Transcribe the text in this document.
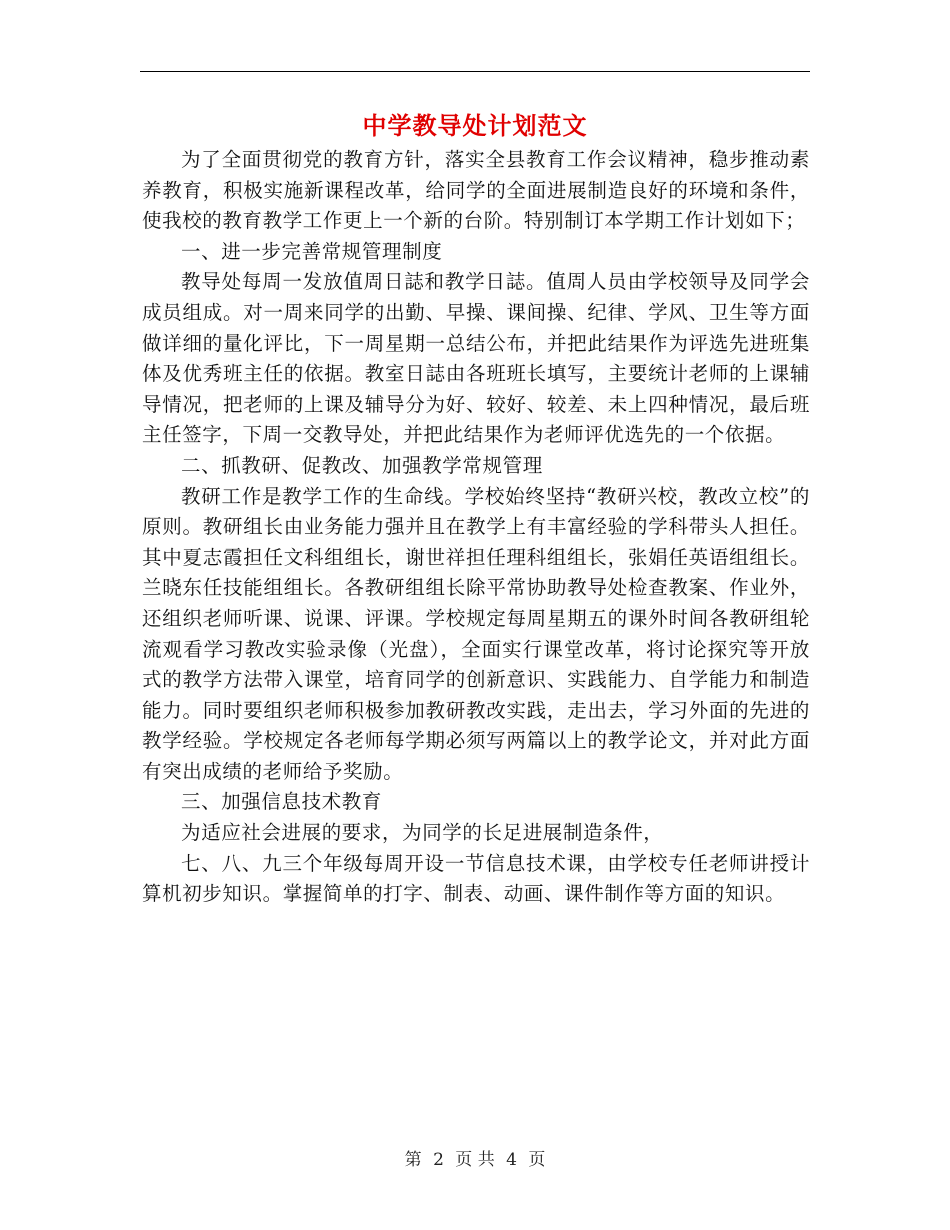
中学教导处计划范文

为了全面贯彻党的教育方针，落实全县教育工作会议精神，稳步推动素养教育，积极实施新课程改革，给同学的全面进展制造良好的环境和条件，使我校的教育教学工作更上一个新的台阶。特别制订本学期工作计划如下；

一、进一步完善常规管理制度

教导处每周一发放值周日誌和教学日誌。值周人员由学校领导及同学会成员组成。对一周来同学的出勤、早操、课间操、纪律、学风、卫生等方面做详细的量化评比，下一周星期一总结公布，并把此结果作为评选先进班集体及优秀班主任的依据。教室日誌由各班班长填写，主要统计老师的上课辅导情况，把老师的上课及辅导分为好、较好、较差、未上四种情况，最后班主任签字，下周一交教导处，并把此结果作为老师评优选先的一个依据。

二、抓教研、促教改、加强教学常规管理

教研工作是教学工作的生命线。学校始终坚持“教研兴校，教改立校”的原则。教研组长由业务能力强并且在教学上有丰富经验的学科带头人担任。其中夏志霞担任文科组组长，谢世祥担任理科组组长，张娟任英语组组长。兰晓东任技能组组长。各教研组组长除平常协助教导处检查教案、作业外，还组织老师听课、说课、评课。学校规定每周星期五的课外时间各教研组轮流观看学习教改实验录像（光盘），全面实行课堂改革，将讨论探究等开放式的教学方法带入课堂，培育同学的创新意识、实践能力、自学能力和制造能力。同时要组织老师积极参加教研教改实践，走出去，学习外面的先进的教学经验。学校规定各老师每学期必须写两篇以上的教学论文，并对此方面有突出成绩的老师给予奖励。

三、加强信息技术教育

为适应社会进展的要求，为同学的长足进展制造条件，

七、八、九三个年级每周开设一节信息技术课，由学校专任老师讲授计算机初步知识。掌握简单的打字、制表、动画、课件制作等方面的知识。

第 2 页 共 4 页
